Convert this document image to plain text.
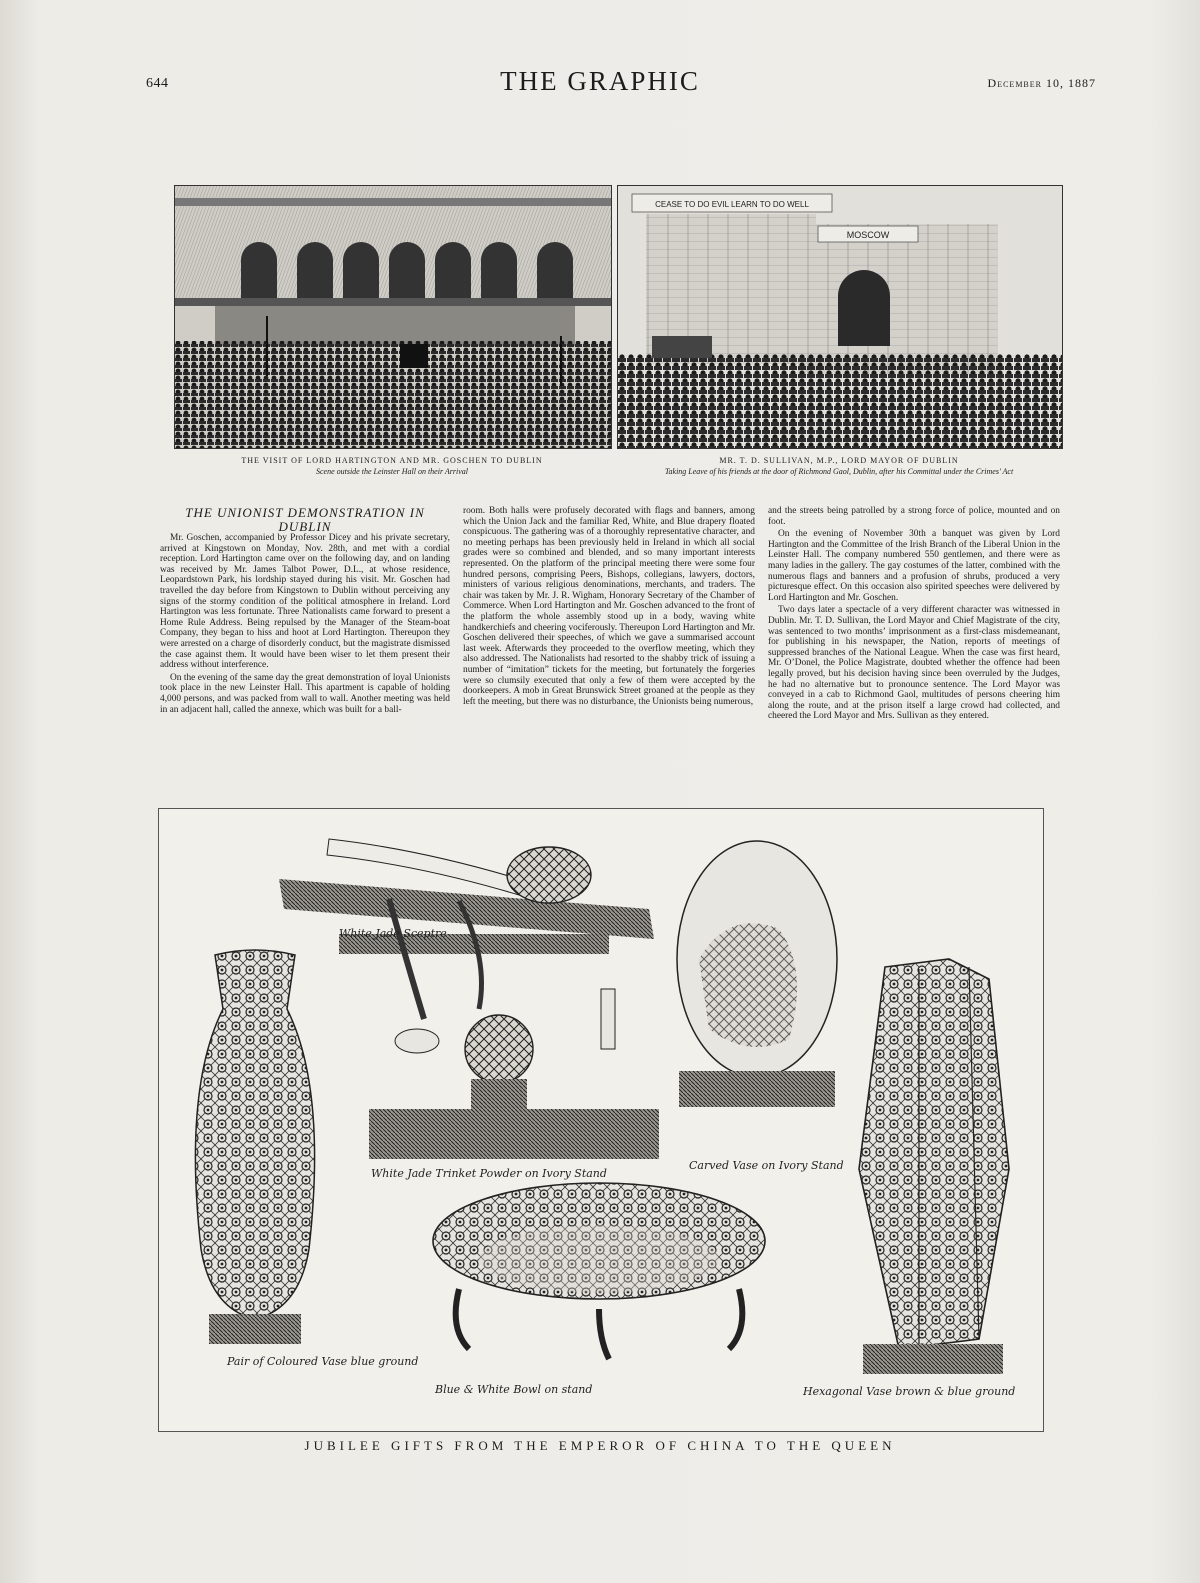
644	THE GRAPHIC	December 10, 1887
CEASE TO DO EVIL LEARN TO DO WELL
MOSCOW
THE VISIT OF LORD HARTINGTON AND MR. GOSCHEN TO DUBLIN
Scene outside the Leinster Hall on their Arrival
MR. T. D. SULLIVAN, M.P., LORD MAYOR OF DUBLIN
Taking Leave of his friends at the door of Richmond Gaol, Dublin, after his Committal under the Crimes' Act
THE UNIONIST DEMONSTRATION IN DUBLIN

Mr. Goschen, accompanied by Professor Dicey and his private secretary, arrived at Kingstown on Monday, Nov. 28th, and met with a cordial reception. Lord Hartington came over on the following day, and on landing was received by Mr. James Talbot Power, D.L., at whose residence, Leopardstown Park, his lordship stayed during his visit. Mr. Goschen had travelled the day before from Kingstown to Dublin without perceiving any signs of the stormy condition of the political atmosphere in Ireland. Lord Hartington was less fortunate. Three Nationalists came forward to present a Home Rule Address. Being repulsed by the Manager of the Steam-boat Company, they began to hiss and hoot at Lord Hartington. Thereupon they were arrested on a charge of disorderly conduct, but the magistrate dismissed the case against them. It would have been wiser to let them present their address without interference.

On the evening of the same day the great demonstration of loyal Unionists took place in the new Leinster Hall. This apartment is capable of holding 4,000 persons, and was packed from wall to wall. Another meeting was held in an adjacent hall, called the annexe, which was built for a ball-

room. Both halls were profusely decorated with flags and banners, among which the Union Jack and the familiar Red, White, and Blue drapery floated conspicuous. The gathering was of a thoroughly representative character, and no meeting perhaps has been previously held in Ireland in which all social grades were so combined and blended, and so many important interests represented. On the platform of the principal meeting there were some four hundred persons, comprising Peers, Bishops, collegians, lawyers, doctors, ministers of various religious denominations, merchants, and traders. The chair was taken by Mr. J. R. Wigham, Honorary Secretary of the Chamber of Commerce. When Lord Hartington and Mr. Goschen advanced to the front of the platform the whole assembly stood up in a body, waving white handkerchiefs and cheering vociferously. Thereupon Lord Hartington and Mr. Goschen delivered their speeches, of which we gave a summarised account last week. Afterwards they proceeded to the overflow meeting, which they also addressed. The Nationalists had resorted to the shabby trick of issuing a number of “imitation” tickets for the meeting, but fortunately the forgeries were so clumsily executed that only a few of them were accepted by the doorkeepers. A mob in Great Brunswick Street groaned at the people as they left the meeting, but there was no disturbance, the Unionists being numerous,

and the streets being patrolled by a strong force of police, mounted and on foot.

On the evening of November 30th a banquet was given by Lord Hartington and the Committee of the Irish Branch of the Liberal Union in the Leinster Hall. The company numbered 550 gentlemen, and there were as many ladies in the gallery. The gay costumes of the latter, combined with the numerous flags and banners and a profusion of shrubs, produced a very picturesque effect. On this occasion also spirited speeches were delivered by Lord Hartington and Mr. Goschen.

Two days later a spectacle of a very different character was witnessed in Dublin. Mr. T. D. Sullivan, the Lord Mayor and Chief Magistrate of the city, was sentenced to two months’ imprisonment as a first-class misdemeanant, for publishing in his newspaper, the Nation, reports of meetings of suppressed branches of the National League. When the case was first heard, Mr. O’Donel, the Police Magistrate, doubted whether the offence had been legally proved, but his decision having since been overruled by the Judges, he had no alternative but to pronounce sentence. The Lord Mayor was conveyed in a cab to Richmond Gaol, multitudes of persons cheering him along the route, and at the prison itself a large crowd had collected, and cheered the Lord Mayor and Mrs. Sullivan as they entered.

White Jade Sceptre
White Jade Trinket Powder on Ivory Stand
Carved Vase on Ivory Stand
Pair of Coloured Vase blue ground
Blue & White Bowl on stand	Hexagonal Vase brown & blue ground
JUBILEE GIFTS FROM THE EMPEROR OF CHINA TO THE QUEEN
